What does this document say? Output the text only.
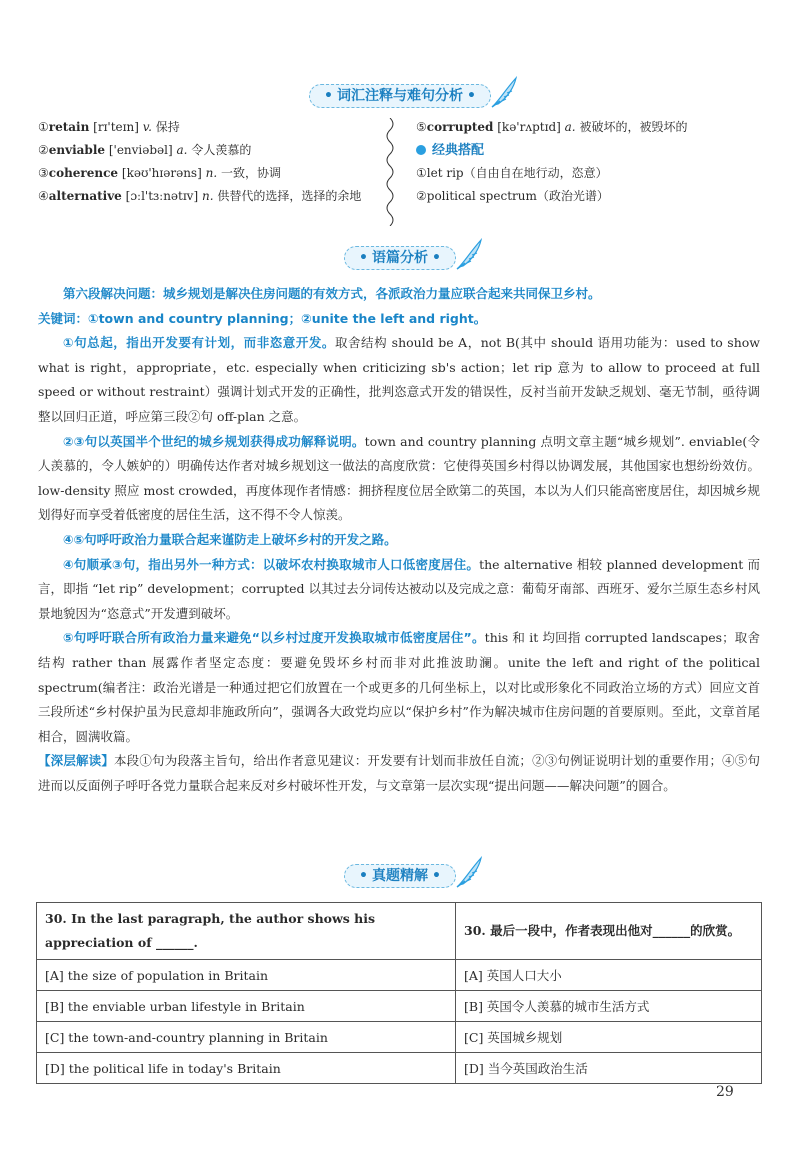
• 词汇注释与难句分析 •
①retain [rɪ'teɪn] v. 保持
②enviable ['enviəbəl] a. 令人羡慕的
③coherence [kəʊ'hɪərəns] n. 一致，协调
④alternative [ɔːl'tɜːnətɪv] n. 供替代的选择，选择的余地
⑤corrupted [kə'rʌptɪd] a. 被破坏的，被毁坏的
经典搭配
①let rip（自由自在地行动，恣意）
②political spectrum（政治光谱）
• 语篇分析 •

第六段解决问题：城乡规划是解决住房问题的有效方式，各派政治力量应联合起来共同保卫乡村。

关键词：①town and country planning；②unite the left and right。

①句总起，指出开发要有计划，而非恣意开发。取舍结构 should be A，not B(其中 should 语用功能为：used to show what is right，appropriate，etc. especially when criticizing sb's action；let rip 意为 to allow to proceed at full speed or without restraint）强调计划式开发的正确性，批判恣意式开发的错误性，反衬当前开发缺乏规划、毫无节制，亟待调整以回归正道，呼应第三段②句 off-plan 之意。

②③句以英国半个世纪的城乡规划获得成功解释说明。town and country planning 点明文章主题“城乡规划”. enviable(令人羡慕的，令人嫉妒的）明确传达作者对城乡规划这一做法的高度欣赏：它使得英国乡村得以协调发展，其他国家也想纷纷效仿。low-density 照应 most crowded，再度体现作者情感：拥挤程度位居全欧第二的英国，本以为人们只能高密度居住，却因城乡规划得好而享受着低密度的居住生活，这不得不令人惊羡。

④⑤句呼吁政治力量联合起来谨防走上破坏乡村的开发之路。

④句顺承③句，指出另外一种方式：以破坏农村换取城市人口低密度居住。the alternative 相较 planned development 而言，即指 “let rip” development；corrupted 以其过去分词传达被动以及完成之意：葡萄牙南部、西班牙、爱尔兰原生态乡村风景地貌因为“恣意式”开发遭到破坏。

⑤句呼吁联合所有政治力量来避免“以乡村过度开发换取城市低密度居住”。this 和 it 均回指 corrupted landscapes；取舍结构 rather than 展露作者坚定态度：要避免毁坏乡村而非对此推波助澜。unite the left and right of the political spectrum(编者注：政治光谱是一种通过把它们放置在一个或更多的几何坐标上，以对比或形象化不同政治立场的方式）回应文首三段所述“乡村保护虽为民意却非施政所向”，强调各大政党均应以“保护乡村”作为解决城市住房问题的首要原则。至此，文章首尾相合，圆满收篇。

【深层解读】本段①句为段落主旨句，给出作者意见建议：开发要有计划而非放任自流；②③句例证说明计划的重要作用；④⑤句进而以反面例子呼吁各党力量联合起来反对乡村破坏性开发，与文章第一层次实现“提出问题——解决问题”的圆合。

• 真题精解 •
30. In the last paragraph, the author shows his appreciation of ______.	30. 最后一段中，作者表现出他对______的欣赏。
[A] the size of population in Britain	[A] 英国人口大小
[B] the enviable urban lifestyle in Britain	[B] 英国令人羡慕的城市生活方式
[C] the town-and-country planning in Britain	[C] 英国城乡规划
[D] the political life in today's Britain	[D] 当今英国政治生活
29
